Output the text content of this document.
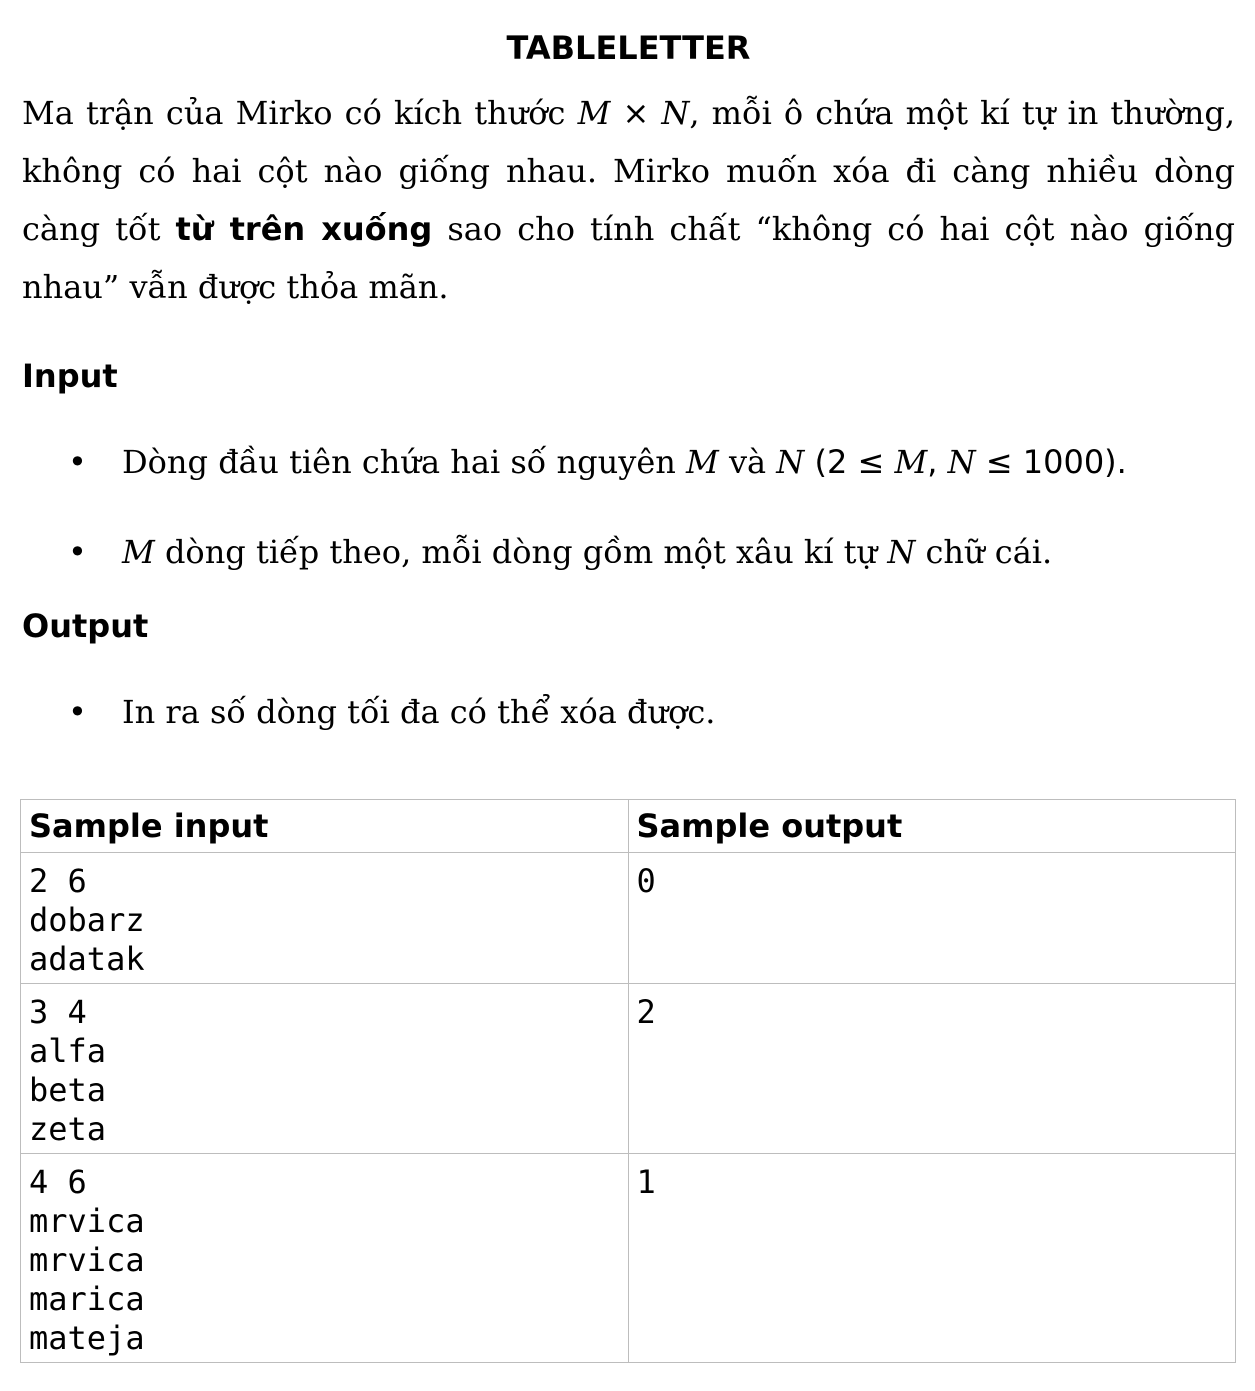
TABLELETTER

Ma trận của Mirko có kích thước M × N, mỗi ô chứa một kí tự in thường, không có hai cột nào giống nhau. Mirko muốn xóa đi càng nhiều dòng càng tốt từ trên xuống sao cho tính chất “không có hai cột nào giống nhau” vẫn được thỏa mãn.

Input
• Dòng đầu tiên chứa hai số nguyên M và N (2 ≤ M, N ≤ 1000).
• M dòng tiếp theo, mỗi dòng gồm một xâu kí tự N chữ cái.
Output
• In ra số dòng tối đa có thể xóa được.
Sample input	Sample output
2 6
dobarz
adatak	0
3 4
alfa
beta
zeta	2
4 6
mrvica
mrvica
marica
mateja	1
